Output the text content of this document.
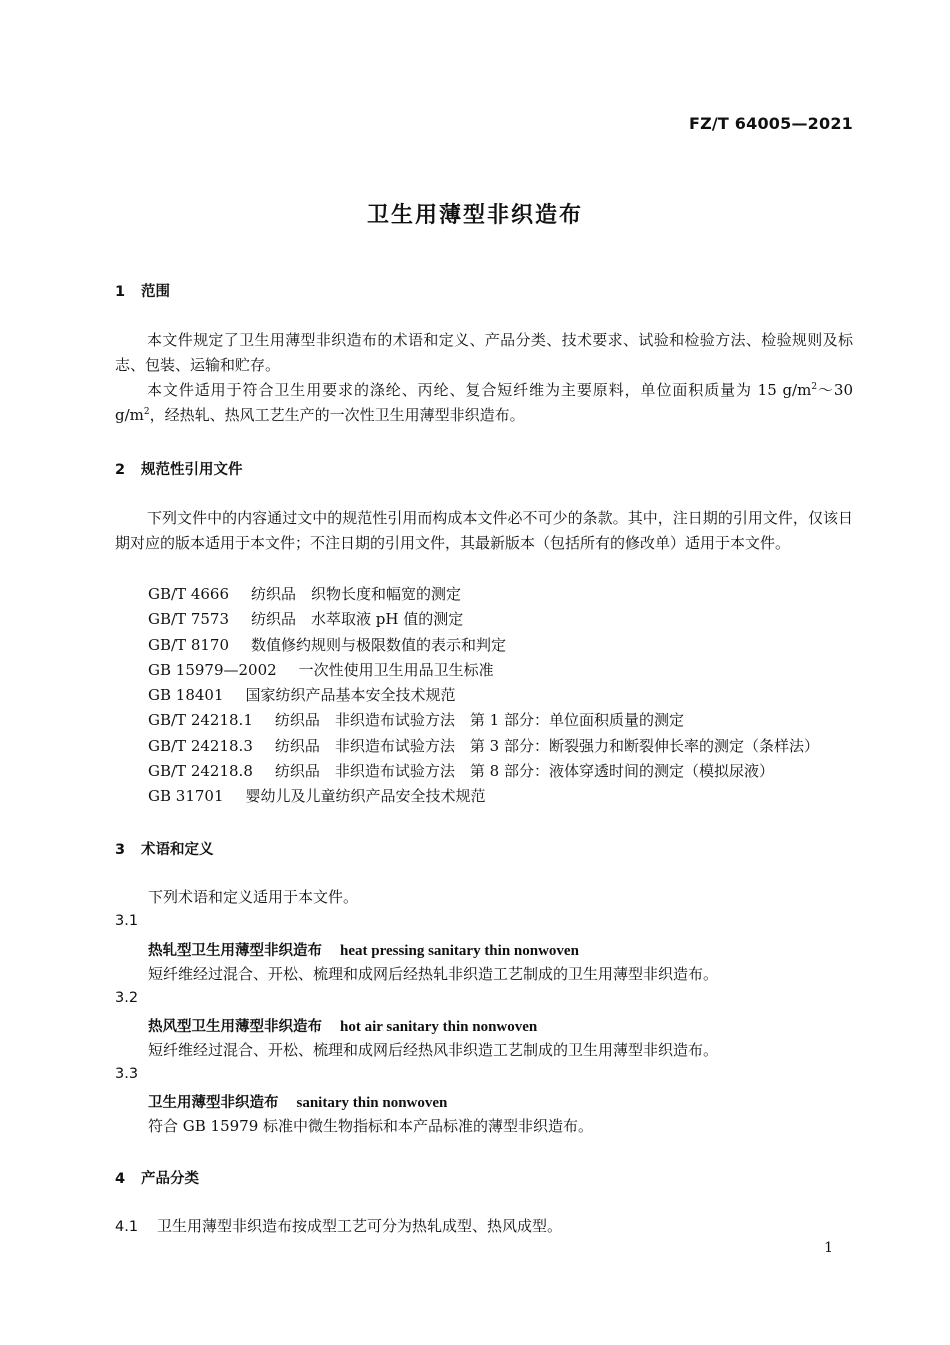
FZ/T 64005—2021
卫生用薄型非织造布
1 范围
本文件规定了卫生用薄型非织造布的术语和定义、产品分类、技术要求、试验和检验方法、检验规则及标志、包装、运输和贮存。
本文件适用于符合卫生用要求的涤纶、丙纶、复合短纤维为主要原料，单位面积质量为 15 $g/m^2\sim 30$ $g/m^2$，经热轧、热风工艺生产的一次性卫生用薄型非织造布。
2 规范性引用文件
下列文件中的内容通过文中的规范性引用而构成本文件必不可少的条款。其中，注日期的引用文件，仅该日期对应的版本适用于本文件；不注日期的引用文件，其最新版本（包括所有的修改单）适用于本文件。
GB/T 4666 纺织品　织物长度和幅宽的测定
GB/T 7573 纺织品　水萃取液 pH 值的测定
GB/T 8170 数值修约规则与极限数值的表示和判定
GB 15979—2002 一次性使用卫生用品卫生标准
GB 18401 国家纺织产品基本安全技术规范
GB/T 24218.1 纺织品　非织造布试验方法　第 1 部分：单位面积质量的测定
GB/T 24218.3 纺织品　非织造布试验方法　第 3 部分：断裂强力和断裂伸长率的测定（条样法）
GB/T 24218.8 纺织品　非织造布试验方法　第 8 部分：液体穿透时间的测定（模拟尿液）
GB 31701 婴幼儿及儿童纺织产品安全技术规范
3 术语和定义
下列术语和定义适用于本文件。
3.1
热轧型卫生用薄型非织造布 heat pressing sanitary thin nonwoven
短纤维经过混合、开松、梳理和成网后经热轧非织造工艺制成的卫生用薄型非织造布。
3.2
热风型卫生用薄型非织造布 hot air sanitary thin nonwoven
短纤维经过混合、开松、梳理和成网后经热风非织造工艺制成的卫生用薄型非织造布。
3.3
卫生用薄型非织造布 sanitary thin nonwoven
符合 GB 15979 标准中微生物指标和本产品标准的薄型非织造布。
4 产品分类
4.1 卫生用薄型非织造布按成型工艺可分为热轧成型、热风成型。
1
